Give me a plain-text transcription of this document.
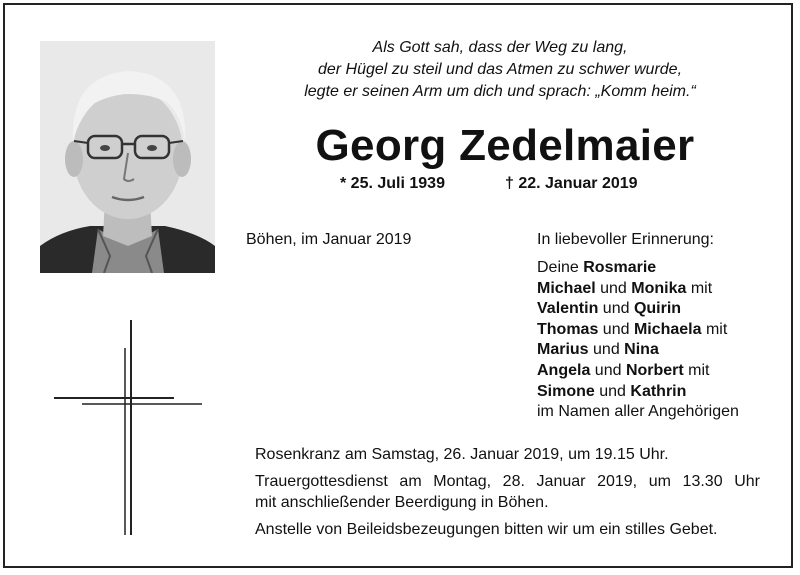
Als Gott sah, dass der Weg zu lang,
der Hügel zu steil und das Atmen zu schwer wurde,
legte er seinen Arm um dich und sprach: „Komm heim.“
Georg Zedelmaier
* 25. Juli 1939	† 22. Januar 2019
Böhen, im Januar 2019	In liebevoller Erinnerung:
Deine Rosmarie
Michael und Monika mit
Valentin und Quirin
Thomas und Michaela mit
Marius und Nina
Angela und Norbert mit
Simone und Kathrin
im Namen aller Angehörigen

Rosenkranz am Samstag, 26. Januar 2019, um 19.15 Uhr.

Trauergottesdienst am Montag, 28. Januar 2019, um 13.30 Uhr

mit anschließender Beerdigung in Böhen.

Anstelle von Beileidsbezeugungen bitten wir um ein stilles Gebet.
